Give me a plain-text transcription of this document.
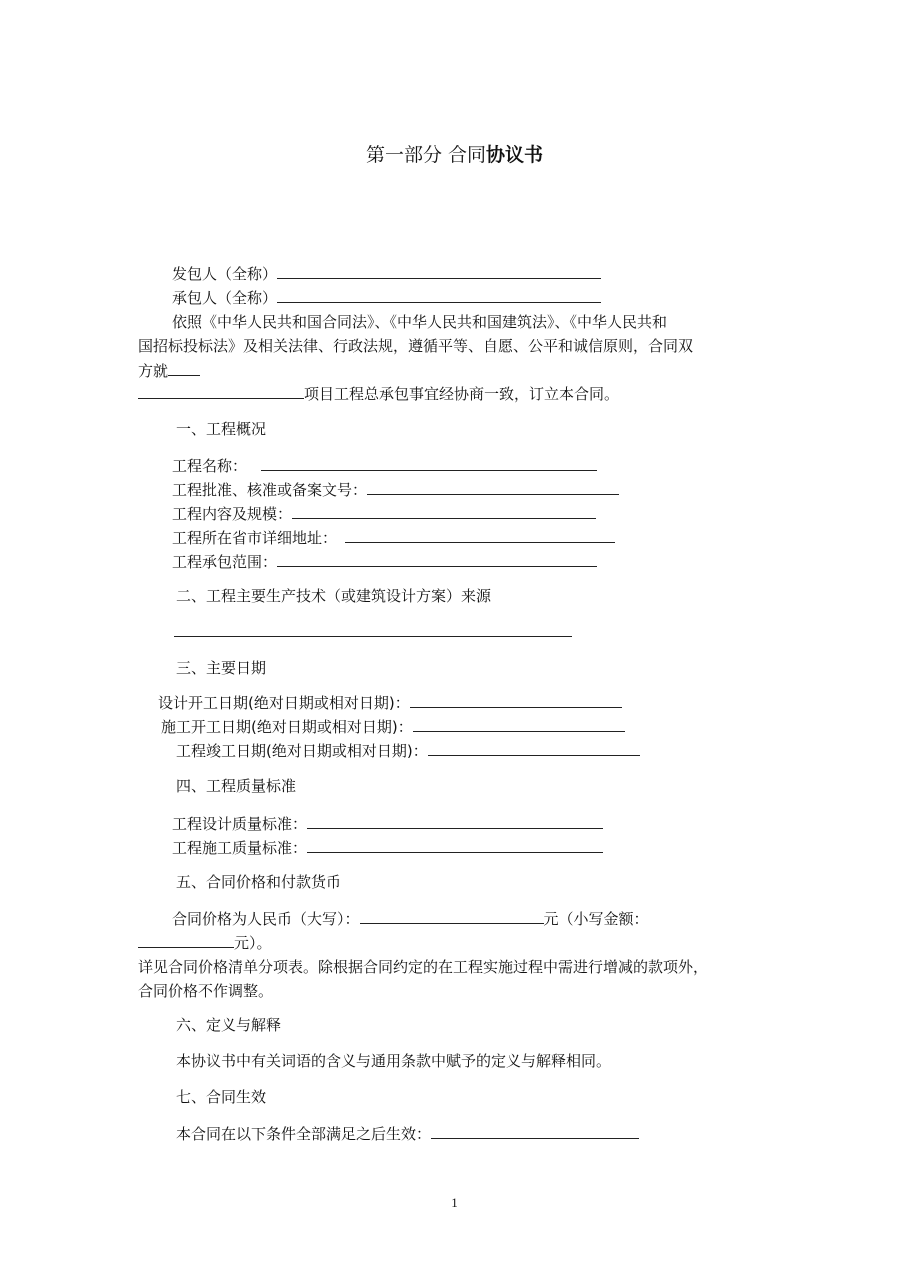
第一部分 合同协议书
发包人（全称）
承包人（全称）
依照《中华人民共和国合同法》、《中华人民共和国建筑法》、《中华人民共和
国招标投标法》及相关法律、行政法规，遵循平等、自愿、公平和诚信原则，合同双
方就
项目工程总承包事宜经协商一致，订立本合同。
一、工程概况
工程名称：
工程批准、核准或备案文号：
工程内容及规模：
工程所在省市详细地址：
工程承包范围：
二、工程主要生产技术（或建筑设计方案）来源
三、主要日期
设计开工日期(绝对日期或相对日期)：
施工开工日期(绝对日期或相对日期)：
工程竣工日期(绝对日期或相对日期)：
四、工程质量标准
工程设计质量标准：
工程施工质量标准：
五、合同价格和付款货币
合同价格为人民币（大写）：	元（小写金额：
元）。
详见合同价格清单分项表。除根据合同约定的在工程实施过程中需进行增减的款项外，
合同价格不作调整。
六、定义与解释
本协议书中有关词语的含义与通用条款中赋予的定义与解释相同。
七、合同生效
本合同在以下条件全部满足之后生效：
1
